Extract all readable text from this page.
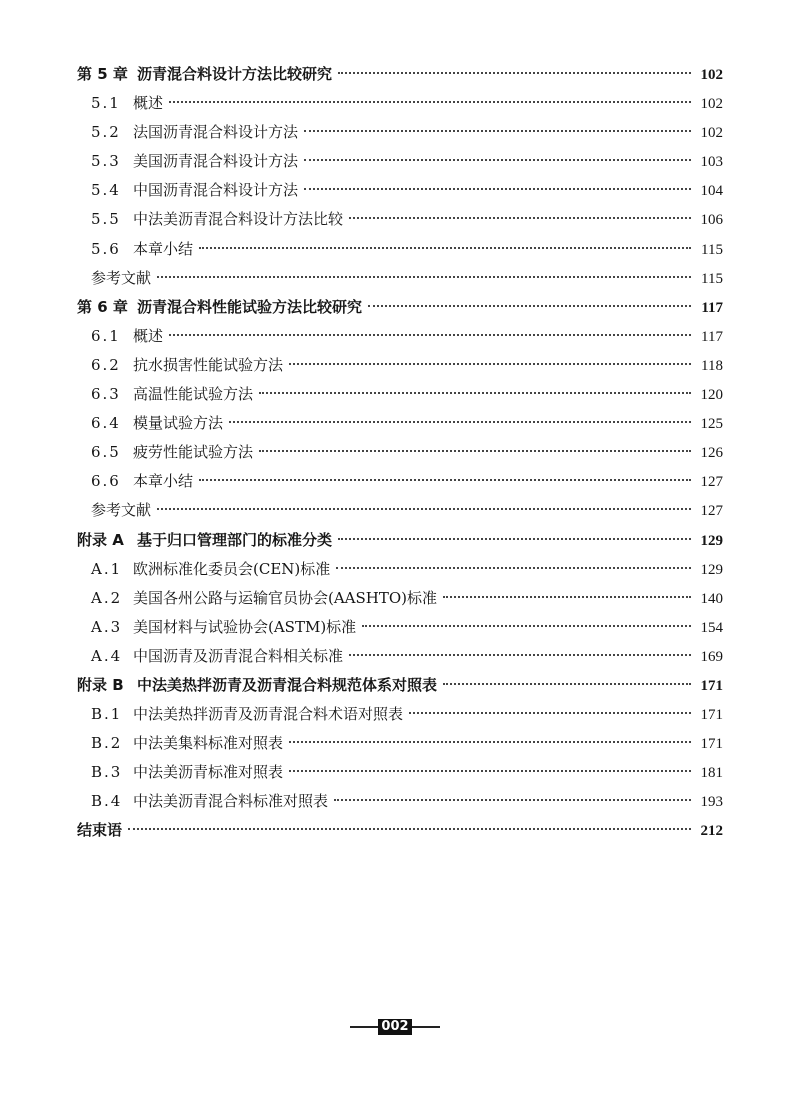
第 5 章 沥青混合料设计方法比较研究	102
5.1 概述	102
5.2 法国沥青混合料设计方法	102
5.3 美国沥青混合料设计方法	103
5.4 中国沥青混合料设计方法	104
5.5 中法美沥青混合料设计方法比较	106
5.6 本章小结	115
参考文献	115
第 6 章 沥青混合料性能试验方法比较研究	117
6.1 概述	117
6.2 抗水损害性能试验方法	118
6.3 高温性能试验方法	120
6.4 模量试验方法	125
6.5 疲劳性能试验方法	126
6.6 本章小结	127
参考文献	127
附录 A 基于归口管理部门的标准分类	129
A.1 欧洲标准化委员会(CEN)标准	129
A.2 美国各州公路与运输官员协会(AASHTO)标准	140
A.3 美国材料与试验协会(ASTM)标准	154
A.4 中国沥青及沥青混合料相关标准	169
附录 B 中法美热拌沥青及沥青混合料规范体系对照表	171
B.1 中法美热拌沥青及沥青混合料术语对照表	171
B.2 中法美集料标准对照表	171
B.3 中法美沥青标准对照表	181
B.4 中法美沥青混合料标准对照表	193
结束语	212
002
